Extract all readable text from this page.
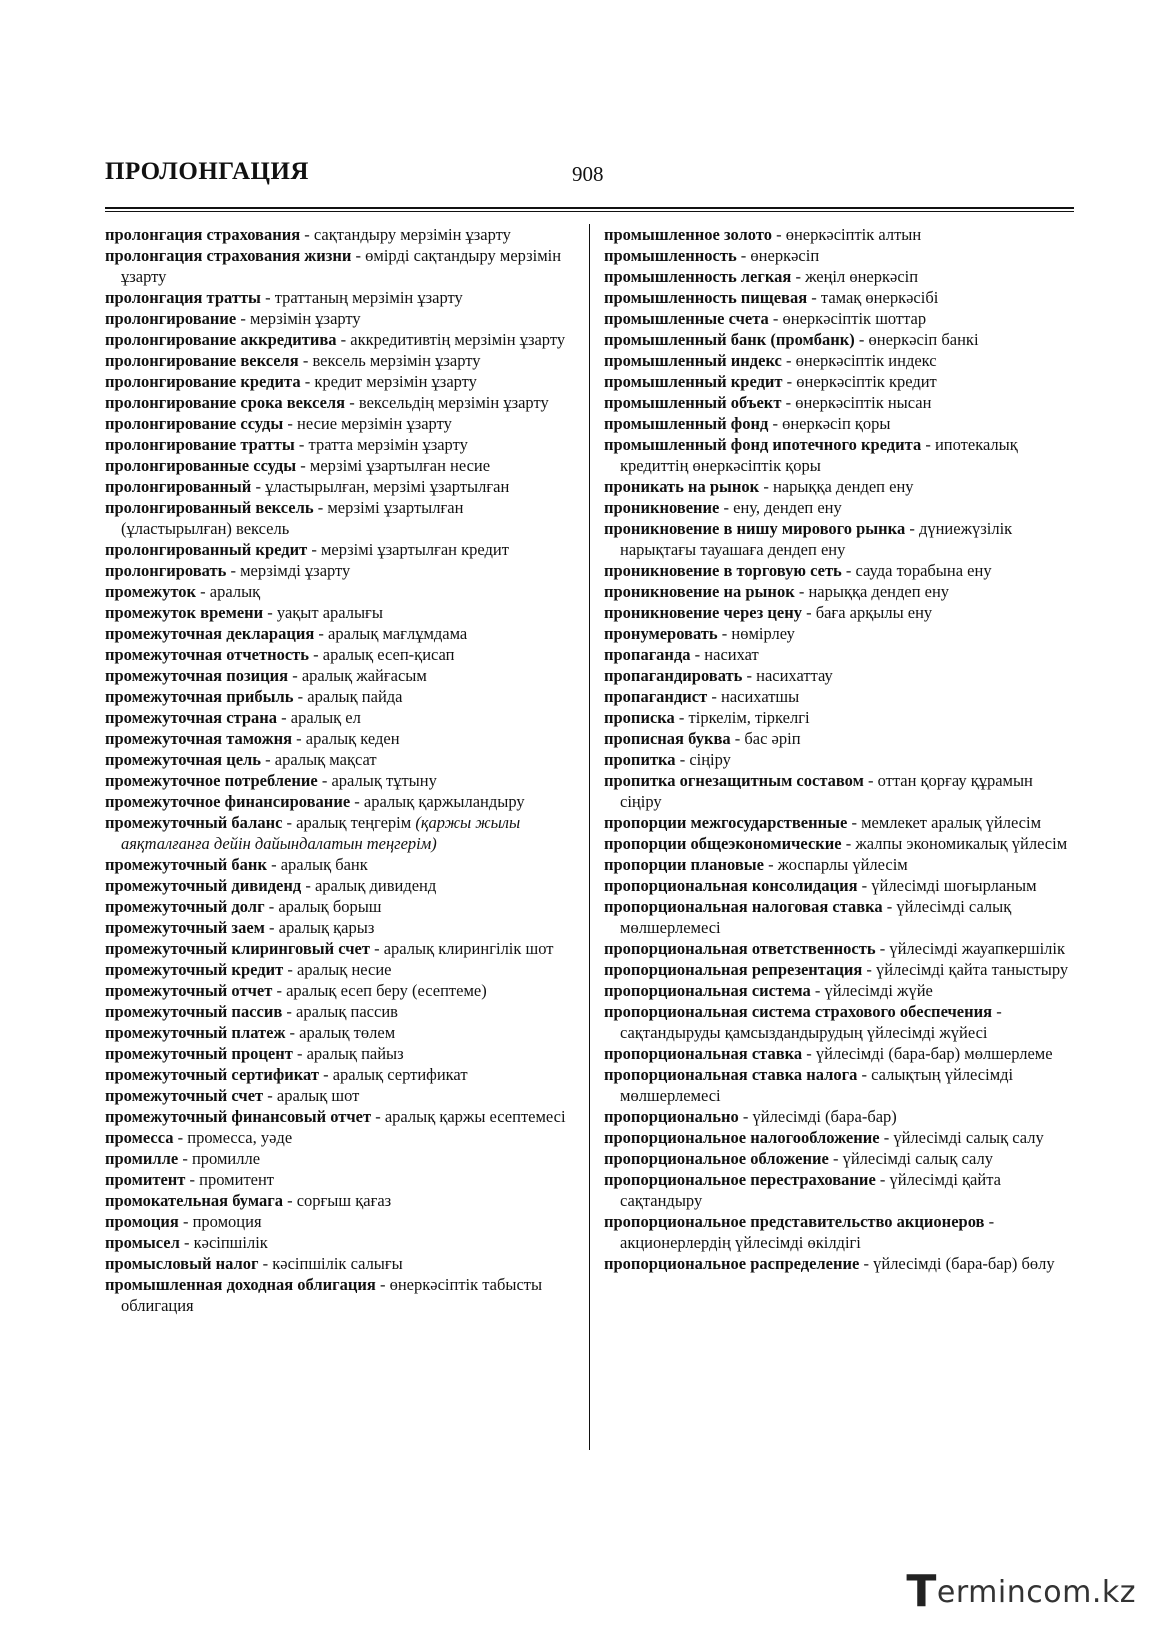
ПРОЛОНГАЦИЯ	908

пролонгация страхования - сақтандыру мерзімін ұзарту

пролонгация страхования жизни - өмірді сақтандыру мерзімін ұзарту

пролонгация тратты - траттаның мерзімін ұзарту

пролонгирование - мерзімін ұзарту

пролонгирование аккредитива - аккредитивтің мерзімін ұзарту

пролонгирование векселя - вексель мерзімін ұзарту

пролонгирование кредита - кредит мерзімін ұзарту

пролонгирование срока векселя - вексельдің мерзімін ұзарту

пролонгирование ссуды - несие мерзімін ұзарту

пролонгирование тратты - тратта мерзімін ұзарту

пролонгированные ссуды - мерзімі ұзартылған несие

пролонгированный - ұластырылған, мерзімі ұзартылған

пролонгированный вексель - мерзімі ұзартылған (ұластырылған) вексель

пролонгированный кредит - мерзімі ұзартылған кредит

пролонгировать - мерзімді ұзарту

промежуток - аралық

промежуток времени - уақыт аралығы

промежуточная декларация - аралық мағлұмдама

промежуточная отчетность - аралық есеп-қисап

промежуточная позиция - аралық жайғасым

промежуточная прибыль - аралық пайда

промежуточная страна - аралық ел

промежуточная таможня - аралық кеден

промежуточная цель - аралық мақсат

промежуточное потребление - аралық тұтыну

промежуточное финансирование - аралық қаржыландыру

промежуточный баланс - аралық теңгерім (қаржы жылы аяқталғанға дейін дайындалатын теңгерім)

промежуточный банк - аралық банк

промежуточный дивиденд - аралық дивиденд

промежуточный долг - аралық борыш

промежуточный заем - аралық қарыз

промежуточный клиринговый счет - аралық клирингілік шот

промежуточный кредит - аралық несие

промежуточный отчет - аралық есеп беру (есептеме)

промежуточный пассив - аралық пассив

промежуточный платеж - аралық төлем

промежуточный процент - аралық пайыз

промежуточный сертификат - аралық сертификат

промежуточный счет - аралық шот

промежуточный финансовый отчет - аралық қаржы есептемесі

промесса - промесса, уәде

промилле - промилле

промитент - промитент

промокательная бумага - сорғыш қағаз

промоция - промоция

промысел - кәсіпшілік

промысловый налог - кәсіпшілік салығы

промышленная доходная облигация - өнеркәсіптік табысты облигация

промышленное золото - өнеркәсіптік алтын

промышленность - өнеркәсіп

промышленность легкая - жеңіл өнеркәсіп

промышленность пищевая - тамақ өнеркәсібі

промышленные счета - өнеркәсіптік шоттар

промышленный банк (промбанк) - өнеркәсіп банкі

промышленный индекс - өнеркәсіптік индекс

промышленный кредит - өнеркәсіптік кредит

промышленный объект - өнеркәсіптік нысан

промышленный фонд - өнеркәсіп қоры

промышленный фонд ипотечного кредита - ипотекалық кредиттің өнеркәсіптік қоры

проникать на рынок - нарыққа дендеп ену

проникновение - ену, дендеп ену

проникновение в нишу мирового рынка - дүниежүзілік нарықтағы тауашаға дендеп ену

проникновение в торговую сеть - сауда торабына ену

проникновение на рынок - нарыққа дендеп ену

проникновение через цену - баға арқылы ену

пронумеровать - нөмірлеу

пропаганда - насихат

пропагандировать - насихаттау

пропагандист - насихатшы

прописка - тіркелім, тіркелгі

прописная буква - бас әріп

пропитка - сіңіру

пропитка огнезащитным составом - оттан қорғау құрамын сіңіру

пропорции межгосударственные - мемлекет аралық үйлесім

пропорции общеэкономические - жалпы экономикалық үйлесім

пропорции плановые - жоспарлы үйлесім

пропорциональная консолидация - үйлесімді шоғырланым

пропорциональная налоговая ставка - үйлесімді салық мөлшерлемесі

пропорциональная ответственность - үйлесімді жауапкершілік

пропорциональная репрезентация - үйлесімді қайта таныстыру

пропорциональная система - үйлесімді жүйе

пропорциональная система страхового обеспечения - сақтандыруды қамсыздандырудың үйлесімді жүйесі

пропорциональная ставка - үйлесімді (бара-бар) мөлшерлеме

пропорциональная ставка налога - салықтың үйлесімді мөлшерлемесі

пропорционально - үйлесімді (бара-бар)

пропорциональное налогообложение - үйлесімді салық салу

пропорциональное обложение - үйлесімді салық салу

пропорциональное перестрахование - үйлесімді қайта сақтандыру

пропорциональное представительство акционеров - акционерлердің үйлесімді өкілдігі

пропорциональное распределение - үйлесімді (бара-бар) бөлу

Termincom.kz
